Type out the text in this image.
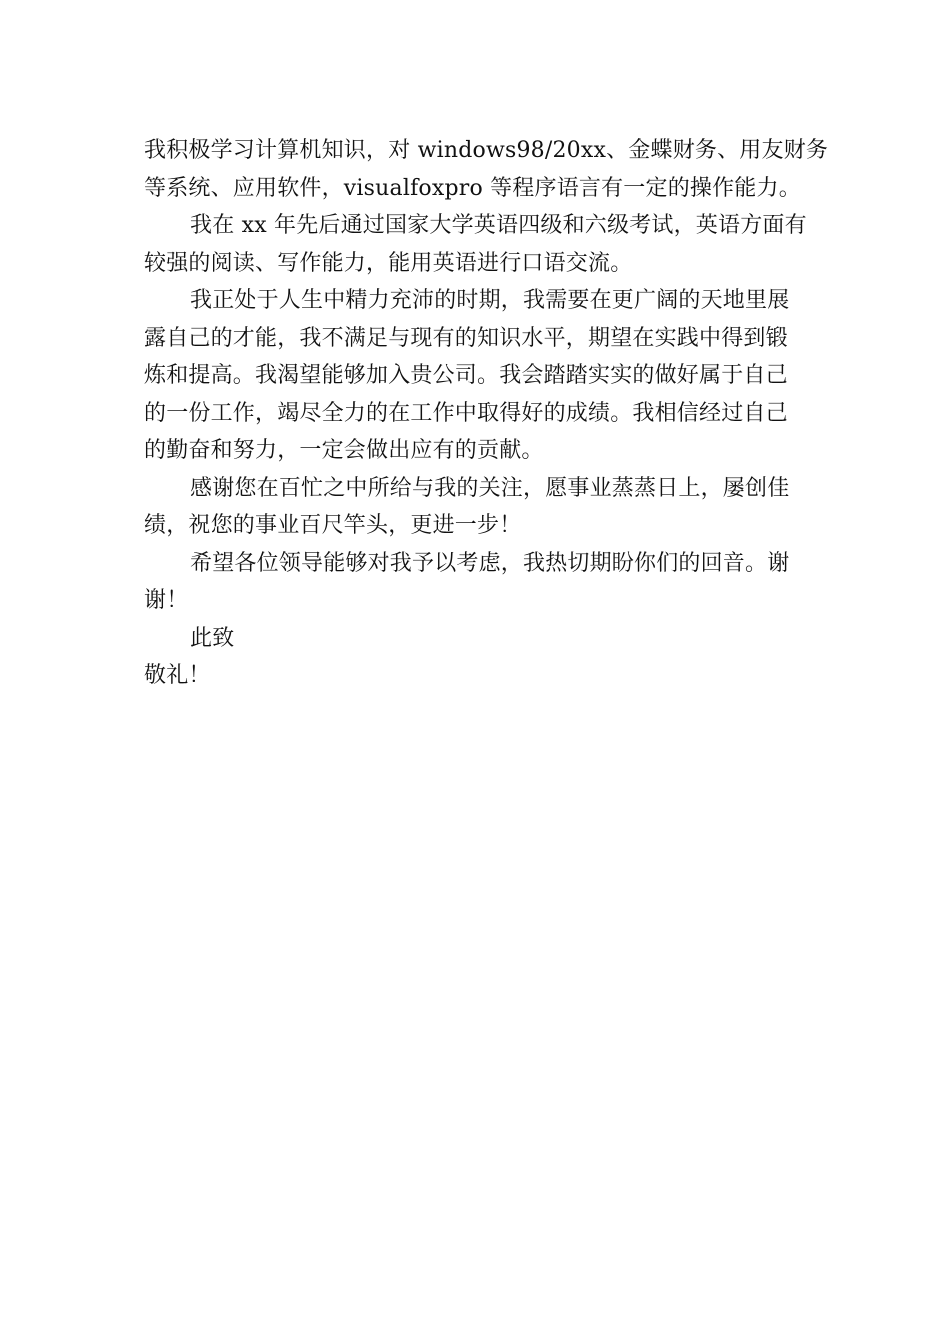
我积极学习计算机知识，对 windows98/20xx、金蝶财务、用友财务
等系统、应用软件，visualfoxpro 等程序语言有一定的操作能力。
我在 xx 年先后通过国家大学英语四级和六级考试，英语方面有
较强的阅读、写作能力，能用英语进行口语交流。
我正处于人生中精力充沛的时期，我需要在更广阔的天地里展
露自己的才能，我不满足与现有的知识水平，期望在实践中得到锻
炼和提高。我渴望能够加入贵公司。我会踏踏实实的做好属于自己
的一份工作，竭尽全力的在工作中取得好的成绩。我相信经过自己
的勤奋和努力，一定会做出应有的贡献。
感谢您在百忙之中所给与我的关注，愿事业蒸蒸日上，屡创佳
绩，祝您的事业百尺竿头，更进一步！
希望各位领导能够对我予以考虑，我热切期盼你们的回音。谢
谢！
此致
敬礼！
